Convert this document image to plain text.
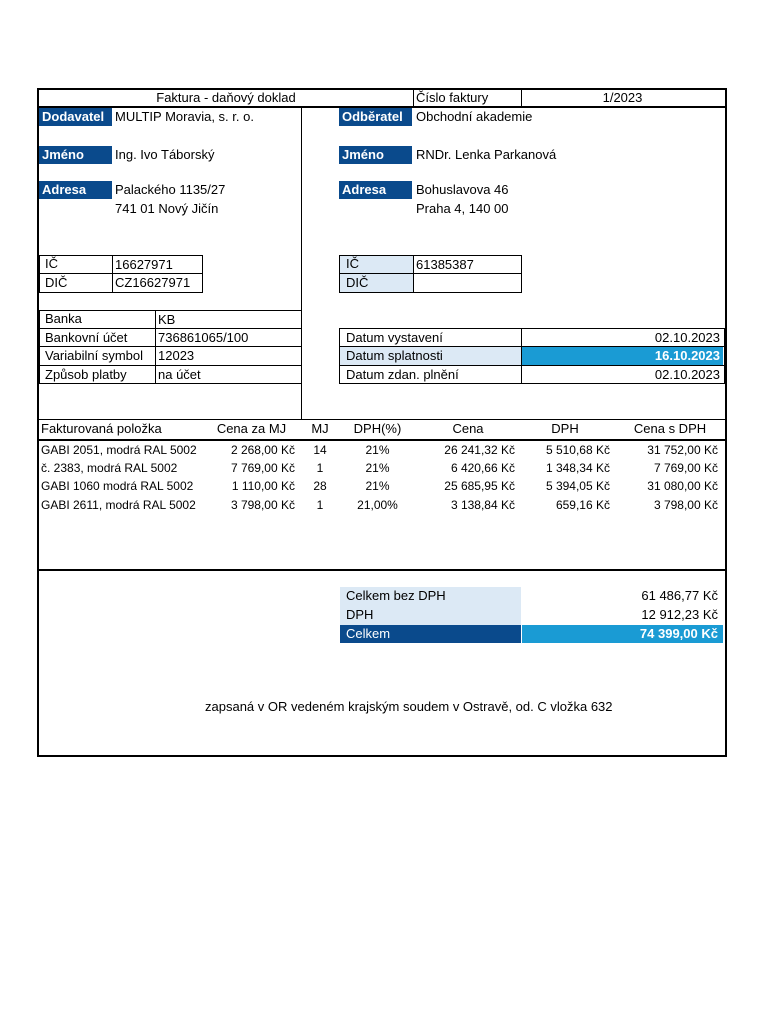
Faktura - daňový doklad	Číslo faktury	1/2023
Dodavatel MULTIP Moravia, s. r. o.
Jméno	Ing. Ivo Táborský
Adresa	Palackého 1135/27
741 01 Nový Jičín
IČ	16627971
DIČ	CZ16627971
Odběratel	Obchodní akademie
Jméno	RNDr. Lenka Parkanová
Adresa	Bohuslavova 46
Praha 4, 140 00
IČ	61385387
DIČ
Banka	KB
Bankovní účet 736861065/100
Variabilní symbol 12023
Způsob platby na účet
Datum vystavení	02.10.2023
Datum splatnosti	16.10.2023
Datum zdan. plnění	02.10.2023
Fakturovaná položka	Cena za MJ	MJ	DPH(%)	Cena	DPH	Cena s DPH
GABI 2051, modrá RAL 5002	2 268,00 Kč	14	21%	26 241,32 Kč	5 510,68 Kč	31 752,00 Kč
č. 2383, modrá RAL 5002	7 769,00 Kč	1	21%	6 420,66 Kč	1 348,34 Kč	7 769,00 Kč
GABI 1060 modrá RAL 5002	1 110,00 Kč	28	21%	25 685,95 Kč	5 394,05 Kč	31 080,00 Kč
GABI 2611, modrá RAL 5002	3 798,00 Kč	1	21,00%	3 138,84 Kč	659,16 Kč	3 798,00 Kč
Celkem bez DPH	61 486,77 Kč
DPH	12 912,23 Kč
Celkem	74 399,00 Kč
zapsaná v OR vedeném krajským soudem v Ostravě, od. C vložka 632
